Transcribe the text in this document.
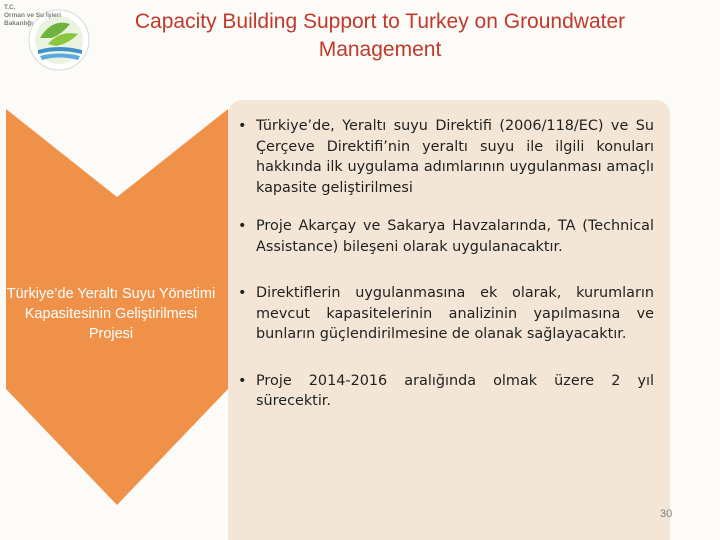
T.C.
Orman ve Su İşleri
Bakanlığı	Capacity Building Support to Turkey on Groundwater Management
Türkiye’de Yeraltı Suyu Yönetimi Kapasitesinin Geliştirilmesi Projesi
• Türkiye’de, Yeraltı suyu Direktifi (2006/118/EC) ve Su Çerçeve Direktifi’nin yeraltı suyu ile ilgili konuları hakkında ilk uygulama adımlarının uygulanması amaçlı kapasite geliştirilmesi
• Proje Akarçay ve Sakarya Havzalarında, TA (Technical Assistance) bileşeni olarak uygulanacaktır.
• Direktiflerin uygulanmasına ek olarak, kurumların mevcut kapasitelerinin analizinin yapılmasına ve bunların güçlendirilmesine de olanak sağlayacaktır.
• Proje 2014-2016 aralığında olmak üzere 2 yıl sürecektir.
30
